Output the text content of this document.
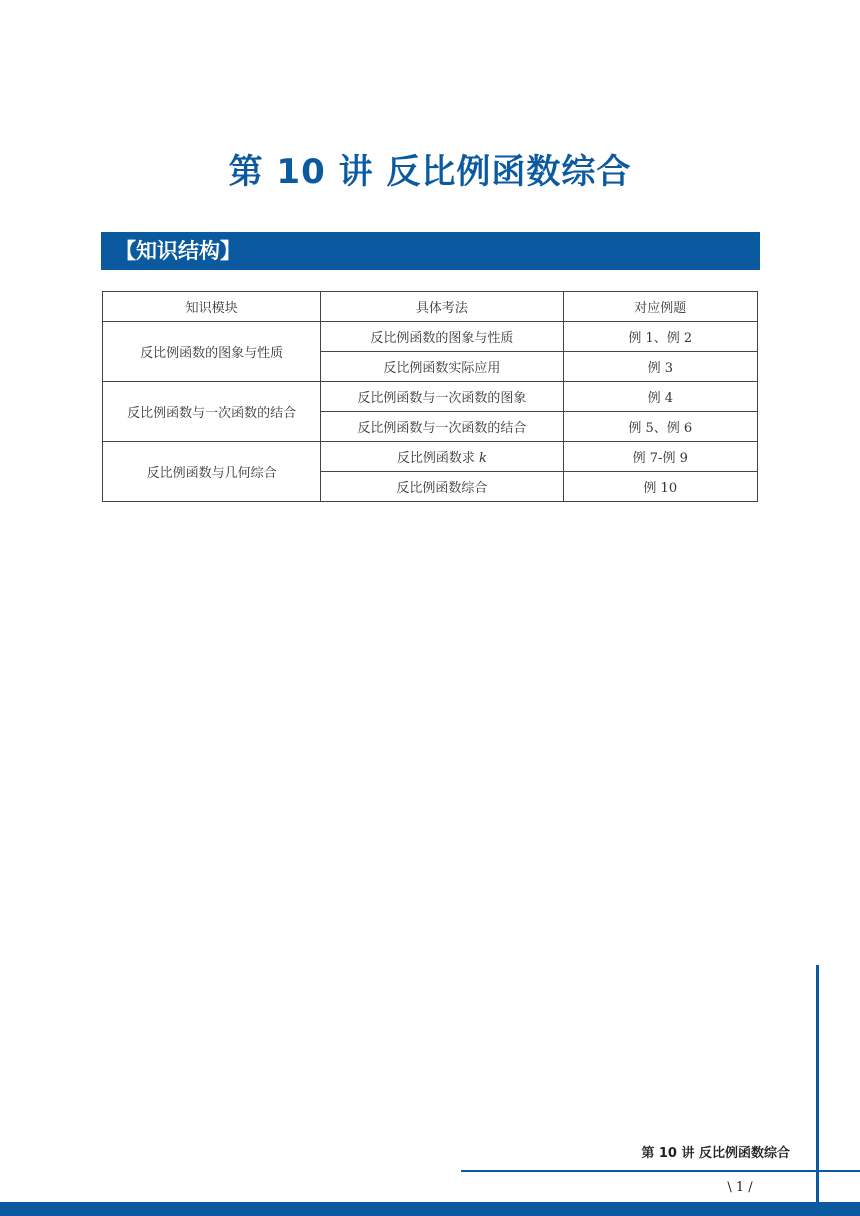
第 10 讲 反比例函数综合
【知识结构】
知识模块	具体考法	对应例题
反比例函数的图象与性质	反比例函数的图象与性质	例 1、例 2
	反比例函数实际应用	例 3
反比例函数与一次函数的结合	反比例函数与一次函数的图象	例 4
	反比例函数与一次函数的结合	例 5、例 6
反比例函数与几何综合	反比例函数求 k	例 7-例 9
	反比例函数综合	例 10
第 10 讲 反比例函数综合
\ 1 /
